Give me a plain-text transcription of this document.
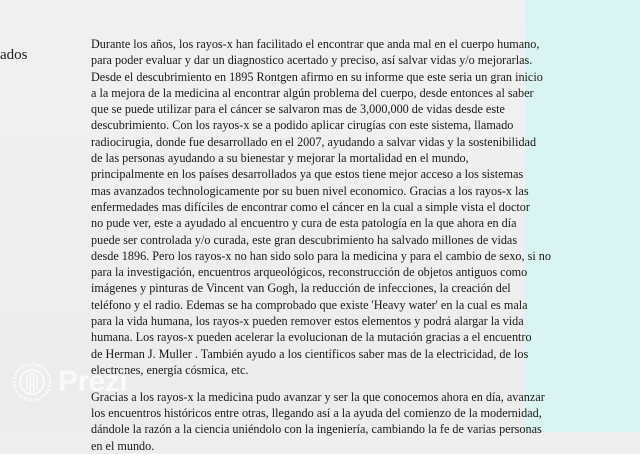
ados
Durante los años, los rayos-x han facilitado el encontrar que anda mal en el cuerpo humano,
para poder evaluar y dar un diagnostico acertado y preciso, así salvar vidas y/o mejorarlas.
Desde el descubrimiento en 1895 Rontgen afirmo en su informe que este seria un gran inicio
a la mejora de la medicina al encontrar algún problema del cuerpo, desde entonces al saber
que se puede utilizar para el cáncer se salvaron mas de 3,000,000 de vidas desde este
descubrimiento. Con los rayos-x se a podido aplicar cirugías con este sistema, llamado
radiocirugia, donde fue desarrollado en el 2007, ayudando a salvar vidas y la sostenibilidad
de las personas ayudando a su bienestar y mejorar la mortalidad en el mundo,
principalmente en los países desarrollados ya que estos tiene mejor acceso a los sistemas
mas avanzados technologicamente por su buen nivel economico. Gracias a los rayos-x las
enfermedades mas difíciles de encontrar como el cáncer en la cual a simple vista el doctor
no pude ver, este a ayudado al encuentro y cura de esta patología en la que ahora en día
puede ser controlada y/o curada, este gran descubrimiento ha salvado millones de vidas
desde 1896. Pero los rayos-x no han sido solo para la medicina y para el cambio de sexo, si no
para la investigación, encuentros arqueológicos, reconstrucción de objetos antiguos como
imágenes y pinturas de Vincent van Gogh, la reducción de infecciones, la creación del
teléfono y el radio. Edemas se ha comprobado que existe 'Heavy water' en la cual es mala
para la vida humana, los rayos-x pueden remover estos elementos y podrá alargar la vida
humana. Los rayos-x pueden acelerar la evolucionan de la mutación gracias a el encuentro
de Herman J. Muller . También ayudo a los científicos saber mas de la electricidad, de los
electrones, energía cósmica, etc.
Gracias a los rayos-x la medicina pudo avanzar y ser la que conocemos ahora en día, avanzar
los encuentros históricos entre otras, llegando así a la ayuda del comienzo de la modernidad,
dándole la razón a la ciencia uniéndolo con la ingeniería, cambiando la fe de varias personas
en el mundo.
Prezi
